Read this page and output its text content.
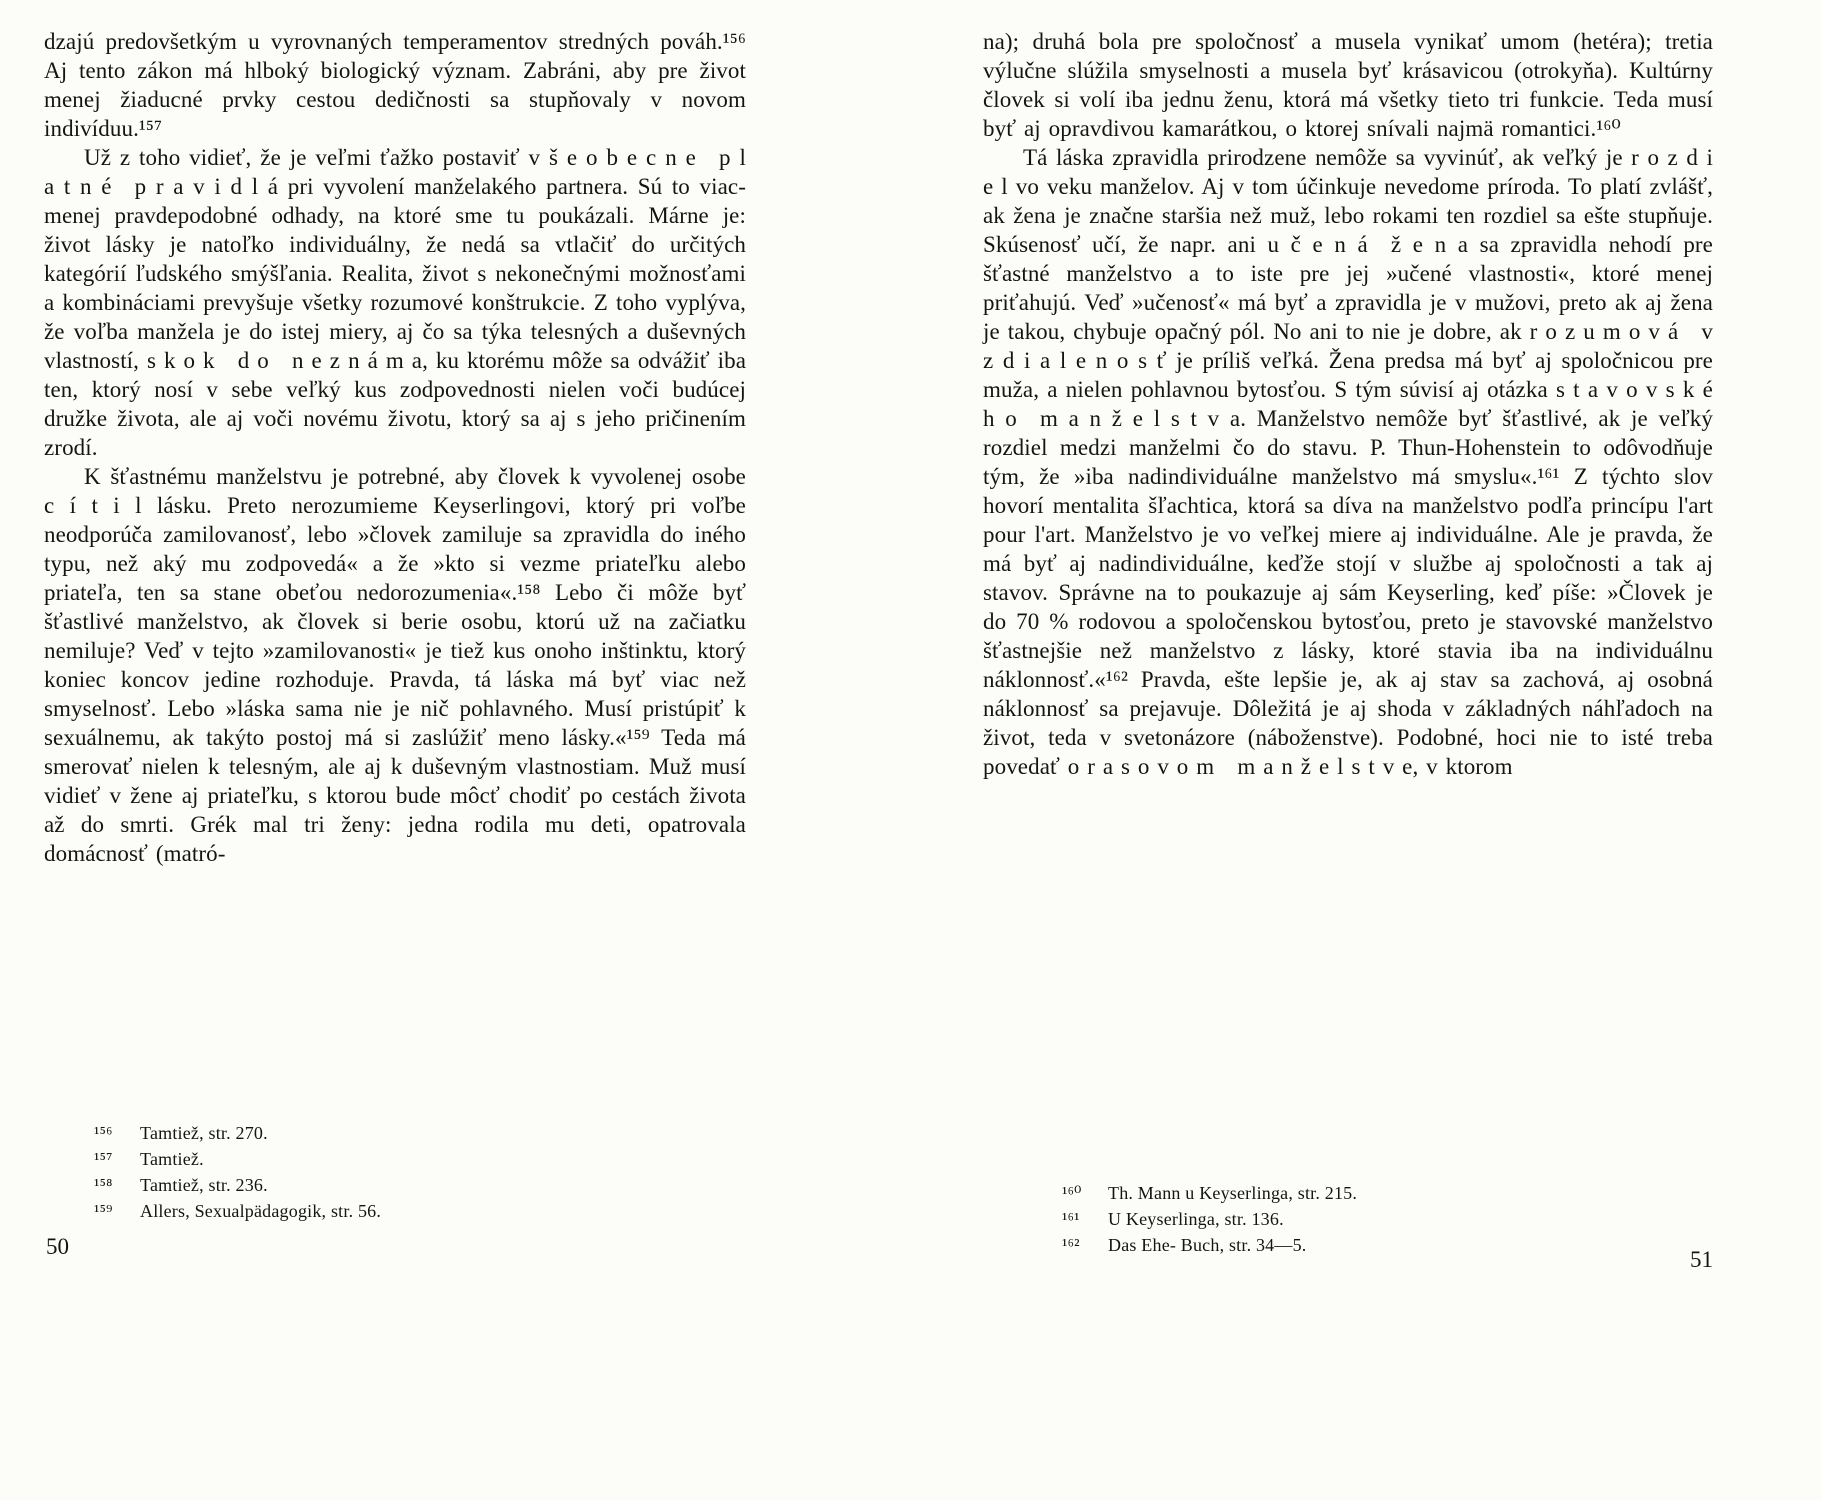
dzajú predovšetkým u vyrovnaných temperamentov stredných pováh.¹⁵⁶ Aj tento zákon má hlboký biologický význam. Zabráni, aby pre život menej žiaducné prvky cestou dedičnosti sa stupňovaly v novom indivíduu.¹⁵⁷

Už z toho vidieť, že je veľmi ťažko postaviť v š e o b e c n e p l a t n é p r a v i d l á pri vyvolení manželakého partnera. Sú to viac-menej pravdepodobné odhady, na ktoré sme tu poukázali. Márne je: život lásky je natoľko individuálny, že nedá sa vtlačiť do určitých kategórií ľudského smýšľania. Realita, život s nekonečnými možnosťami a kombináciami prevyšuje všetky rozumové konštrukcie. Z toho vyplýva, že voľba manžela je do istej miery, aj čo sa týka telesných a duševných vlastností, s k o k d o n e z n á m a, ku ktorému môže sa odvážiť iba ten, ktorý nosí v sebe veľký kus zodpovednosti nielen voči budúcej družke života, ale aj voči novému životu, ktorý sa aj s jeho pričinením zrodí.

K šťastnému manželstvu je potrebné, aby človek k vyvolenej osobe c í t i l lásku. Preto nerozumieme Keyserlingovi, ktorý pri voľbe neodporúča zamilovanosť, lebo »človek zamiluje sa zpravidla do iného typu, než aký mu zodpovedá« a že »kto si vezme priateľku alebo priateľa, ten sa stane obeťou nedorozumenia«.¹⁵⁸ Lebo či môže byť šťastlivé manželstvo, ak človek si berie osobu, ktorú už na začiatku nemiluje? Veď v tejto »zamilovanosti« je tiež kus onoho inštinktu, ktorý koniec koncov jedine rozhoduje. Pravda, tá láska má byť viac než smyselnosť. Lebo »láska sama nie je nič pohlavného. Musí pristúpiť k sexuálnemu, ak takýto postoj má si zaslúžiť meno lásky.«¹⁵⁹ Teda má smerovať nielen k telesným, ale aj k duševným vlastnostiam. Muž musí vidieť v žene aj priateľku, s ktorou bude môcť chodiť po cestách života až do smrti. Grék mal tri ženy: jedna rodila mu deti, opatrovala domácnosť (matró-

¹⁵⁶ Tamtiež, str. 270.
¹⁵⁷ Tamtiež.
¹⁵⁸ Tamtiež, str. 236.
¹⁵⁹ Allers, Sexualpädagogik, str. 56.
50

na); druhá bola pre spoločnosť a musela vynikať umom (hetéra); tretia výlučne slúžila smyselnosti a musela byť krásavicou (otrokyňa). Kultúrny človek si volí iba jednu ženu, ktorá má všetky tieto tri funkcie. Teda musí byť aj opravdivou kamarátkou, o ktorej snívali najmä romantici.¹⁶⁰

Tá láska zpravidla prirodzene nemôže sa vyvinúť, ak veľký je r o z d i e l vo veku manželov. Aj v tom účinkuje nevedome príroda. To platí zvlášť, ak žena je značne staršia než muž, lebo rokami ten rozdiel sa ešte stupňuje. Skúsenosť učí, že napr. ani u č e n á ž e n a sa zpravidla nehodí pre šťastné manželstvo a to iste pre jej »učené vlastnosti«, ktoré menej priťahujú. Veď »učenosť« má byť a zpravidla je v mužovi, preto ak aj žena je takou, chybuje opačný pól. No ani to nie je dobre, ak r o z u m o v á v z d i a l e n o s ť je príliš veľká. Žena predsa má byť aj spoločnicou pre muža, a nielen pohlavnou bytosťou. S tým súvisí aj otázka s t a v o v s k é h o m a n ž e l s t v a. Manželstvo nemôže byť šťastlivé, ak je veľký rozdiel medzi manželmi čo do stavu. P. Thun-Hohenstein to odôvodňuje tým, že »iba nadindividuálne manželstvo má smyslu«.¹⁶¹ Z týchto slov hovorí mentalita šľachtica, ktorá sa díva na manželstvo podľa princípu l'art pour l'art. Manželstvo je vo veľkej miere aj individuálne. Ale je pravda, že má byť aj nadindividuálne, keďže stojí v službe aj spoločnosti a tak aj stavov. Správne na to poukazuje aj sám Keyserling, keď píše: »Človek je do 70 % rodovou a spoločenskou bytosťou, preto je stavovské manželstvo šťastnejšie než manželstvo z lásky, ktoré stavia iba na individuálnu náklonnosť.«¹⁶² Pravda, ešte lepšie je, ak aj stav sa zachová, aj osobná náklonnosť sa prejavuje. Dôležitá je aj shoda v základných náhľadoch na život, teda v svetonázore (náboženstve). Podobné, hoci nie to isté treba povedať o r a s o v o m m a n ž e l s t v e, v ktorom

¹⁶⁰ Th. Mann u Keyserlinga, str. 215.
¹⁶¹ U Keyserlinga, str. 136.
¹⁶² Das Ehe- Buch, str. 34—5.
51
